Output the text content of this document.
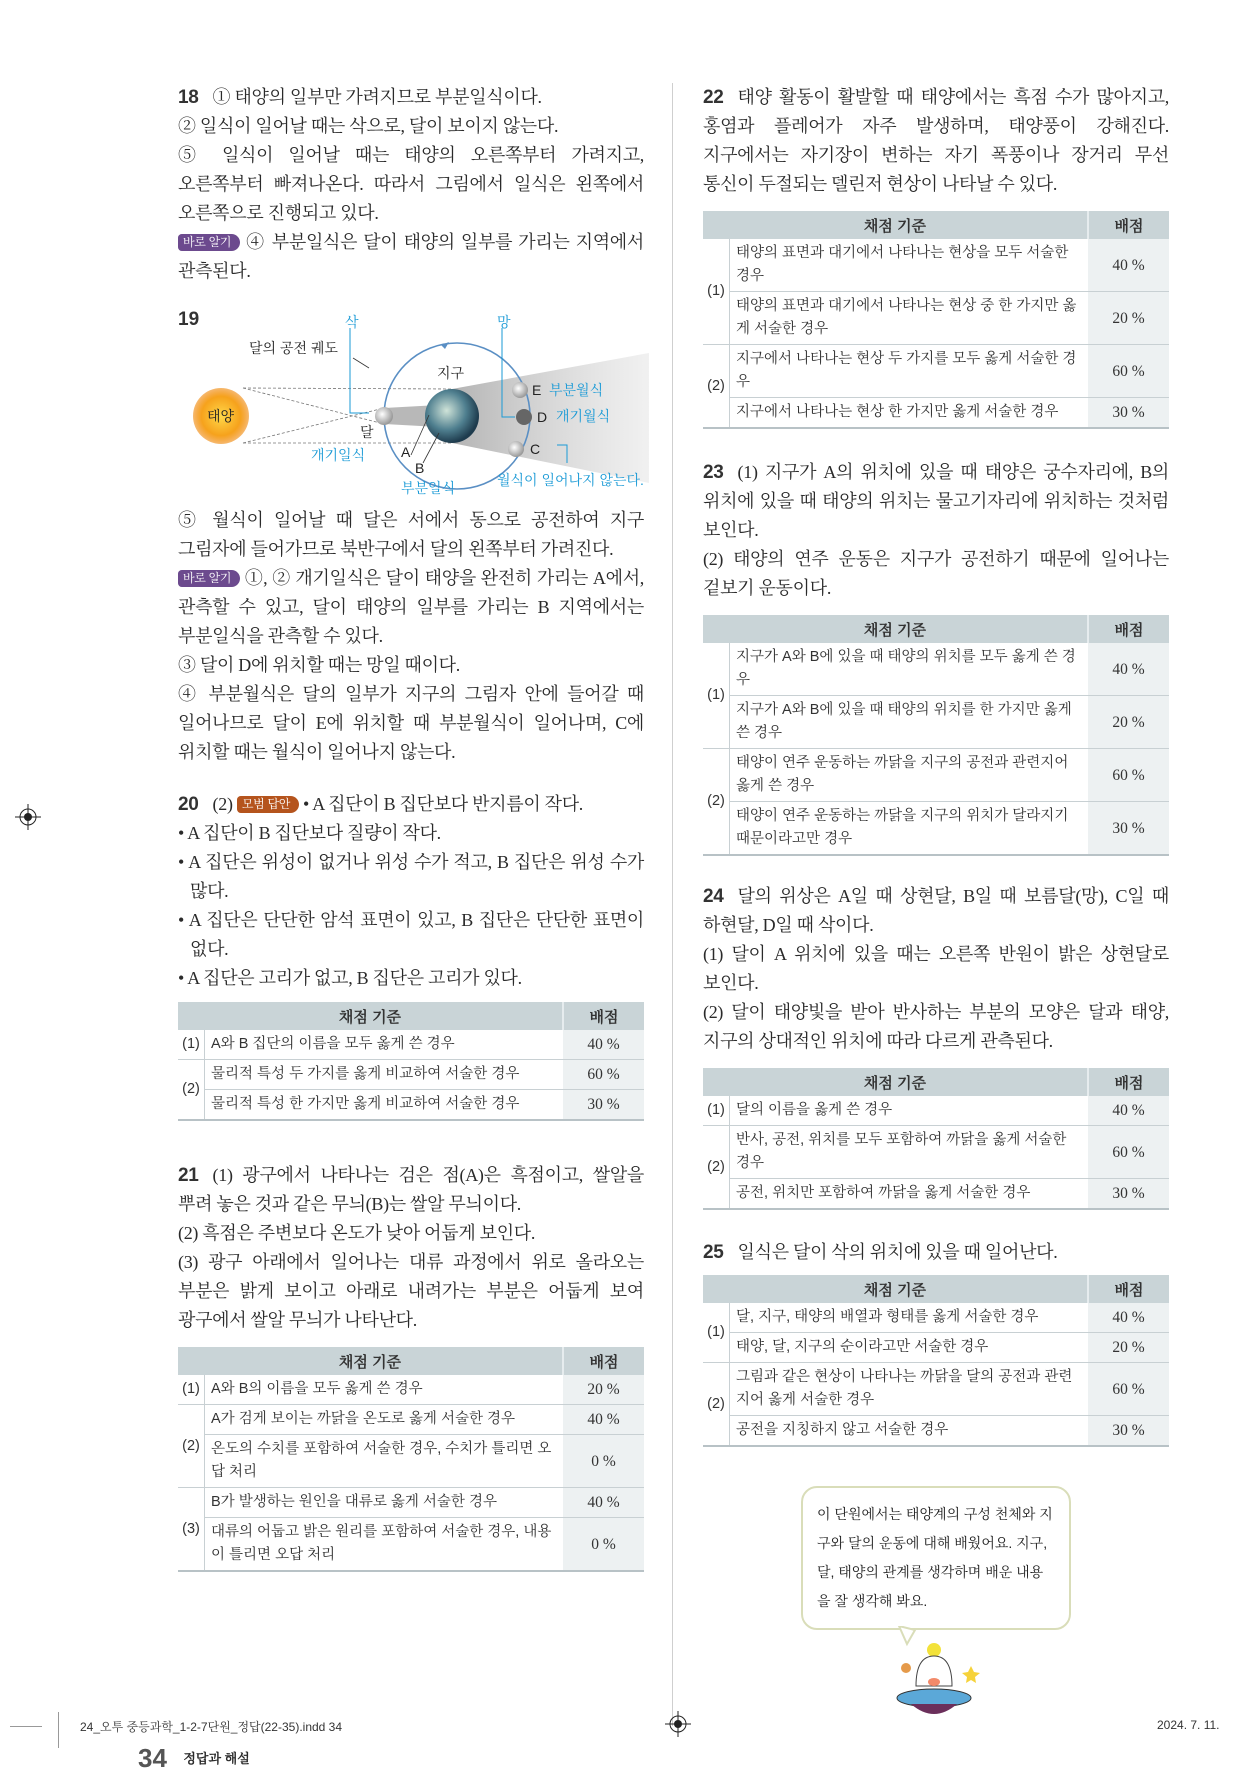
18 ① 태양의 일부만 가려지므로 부분일식이다.

② 일식이 일어날 때는 삭으로, 달이 보이지 않는다.

⑤ 일식이 일어날 때는 태양의 오른쪽부터 가려지고, 오른쪽부터 빠져나온다. 따라서 그림에서 일식은 왼쪽에서 오른쪽으로 진행되고 있다.

바로 알기 ④ 부분일식은 달이 태양의 일부를 가리는 지역에서 관측된다.

19	삭	망
달의 공전 궤도
지구
달
태양
개기일식	A
B
부분일식
E 부분월식
D 개기월식
C
월식이 일어나지 않는다.

⑤ 월식이 일어날 때 달은 서에서 동으로 공전하여 지구 그림자에 들어가므로 북반구에서 달의 왼쪽부터 가려진다.

바로 알기 ①, ② 개기일식은 달이 태양을 완전히 가리는 A에서, 관측할 수 있고, 달이 태양의 일부를 가리는 B 지역에서는 부분일식을 관측할 수 있다.

③ 달이 D에 위치할 때는 망일 때이다.

④ 부분월식은 달의 일부가 지구의 그림자 안에 들어갈 때 일어나므로 달이 E에 위치할 때 부분월식이 일어나며, C에 위치할 때는 월식이 일어나지 않는다.

20 (2) 모범 답안 • A 집단이 B 집단보다 반지름이 작다.

• A 집단이 B 집단보다 질량이 작다.

• A 집단은 위성이 없거나 위성 수가 적고, B 집단은 위성 수가 많다.

• A 집단은 단단한 암석 표면이 있고, B 집단은 단단한 표면이 없다.

• A 집단은 고리가 없고, B 집단은 고리가 있다.

채점 기준		배점
(1)	A와 B 집단의 이름을 모두 옳게 쓴 경우	40 %
(2)	물리적 특성 두 가지를 옳게 비교하여 서술한 경우	60 %
	물리적 특성 한 가지만 옳게 비교하여 서술한 경우	30 %

21 (1) 광구에서 나타나는 검은 점(A)은 흑점이고, 쌀알을 뿌려 놓은 것과 같은 무늬(B)는 쌀알 무늬이다.

(2) 흑점은 주변보다 온도가 낮아 어둡게 보인다.

(3) 광구 아래에서 일어나는 대류 과정에서 위로 올라오는 부분은 밝게 보이고 아래로 내려가는 부분은 어둡게 보여 광구에서 쌀알 무늬가 나타난다.

채점 기준		배점
(1)	A와 B의 이름을 모두 옳게 쓴 경우	20 %
(2)	A가 검게 보이는 까닭을 온도로 옳게 서술한 경우	40 %
	온도의 수치를 포함하여 서술한 경우, 수치가 틀리면 오답 처리	0 %
(3)	B가 발생하는 원인을 대류로 옳게 서술한 경우	40 %
	대류의 어둡고 밝은 원리를 포함하여 서술한 경우, 내용이 틀리면 오답 처리	0 %

22 태양 활동이 활발할 때 태양에서는 흑점 수가 많아지고, 홍염과 플레어가 자주 발생하며, 태양풍이 강해진다. 지구에서는 자기장이 변하는 자기 폭풍이나 장거리 무선 통신이 두절되는 델린저 현상이 나타날 수 있다.

채점 기준		배점
(1)	태양의 표면과 대기에서 나타나는 현상을 모두 서술한 경우	40 %
	태양의 표면과 대기에서 나타나는 현상 중 한 가지만 옳게 서술한 경우	20 %
(2)	지구에서 나타나는 현상 두 가지를 모두 옳게 서술한 경우	60 %
	지구에서 나타나는 현상 한 가지만 옳게 서술한 경우	30 %

23 (1) 지구가 A의 위치에 있을 때 태양은 궁수자리에, B의 위치에 있을 때 태양의 위치는 물고기자리에 위치하는 것처럼 보인다.

(2) 태양의 연주 운동은 지구가 공전하기 때문에 일어나는 겉보기 운동이다.

채점 기준		배점
(1)	지구가 A와 B에 있을 때 태양의 위치를 모두 옳게 쓴 경우	40 %
	지구가 A와 B에 있을 때 태양의 위치를 한 가지만 옳게 쓴 경우	20 %
(2)	태양이 연주 운동하는 까닭을 지구의 공전과 관련지어 옳게 쓴 경우	60 %
	태양이 연주 운동하는 까닭을 지구의 위치가 달라지기 때문이라고만 경우	30 %

24 달의 위상은 A일 때 상현달, B일 때 보름달(망), C일 때 하현달, D일 때 삭이다.

(1) 달이 A 위치에 있을 때는 오른쪽 반원이 밝은 상현달로 보인다.

(2) 달이 태양빛을 받아 반사하는 부분의 모양은 달과 태양, 지구의 상대적인 위치에 따라 다르게 관측된다.

채점 기준		배점
(1)	달의 이름을 옳게 쓴 경우	40 %
(2)	반사, 공전, 위치를 모두 포함하여 까닭을 옳게 서술한 경우	60 %
	공전, 위치만 포함하여 까닭을 옳게 서술한 경우	30 %

25 일식은 달이 삭의 위치에 있을 때 일어난다.

채점 기준		배점
(1)	달, 지구, 태양의 배열과 형태를 옳게 서술한 경우	40 %
	태양, 달, 지구의 순이라고만 서술한 경우	20 %
(2)	그림과 같은 현상이 나타나는 까닭을 달의 공전과 관련지어 옳게 서술한 경우	60 %
	공전을 지칭하지 않고 서술한 경우	30 %
이 단원에서는 태양계의 구성 천체와 지구와 달의 운동에 대해 배웠어요. 지구, 달, 태양의 관계를 생각하며 배운 내용을 잘 생각해 봐요.
34 $^{정답과 해설}$
24_오투 중등과학_1-2-7단원_정답(22-35).indd 34	2024. 7. 11.
